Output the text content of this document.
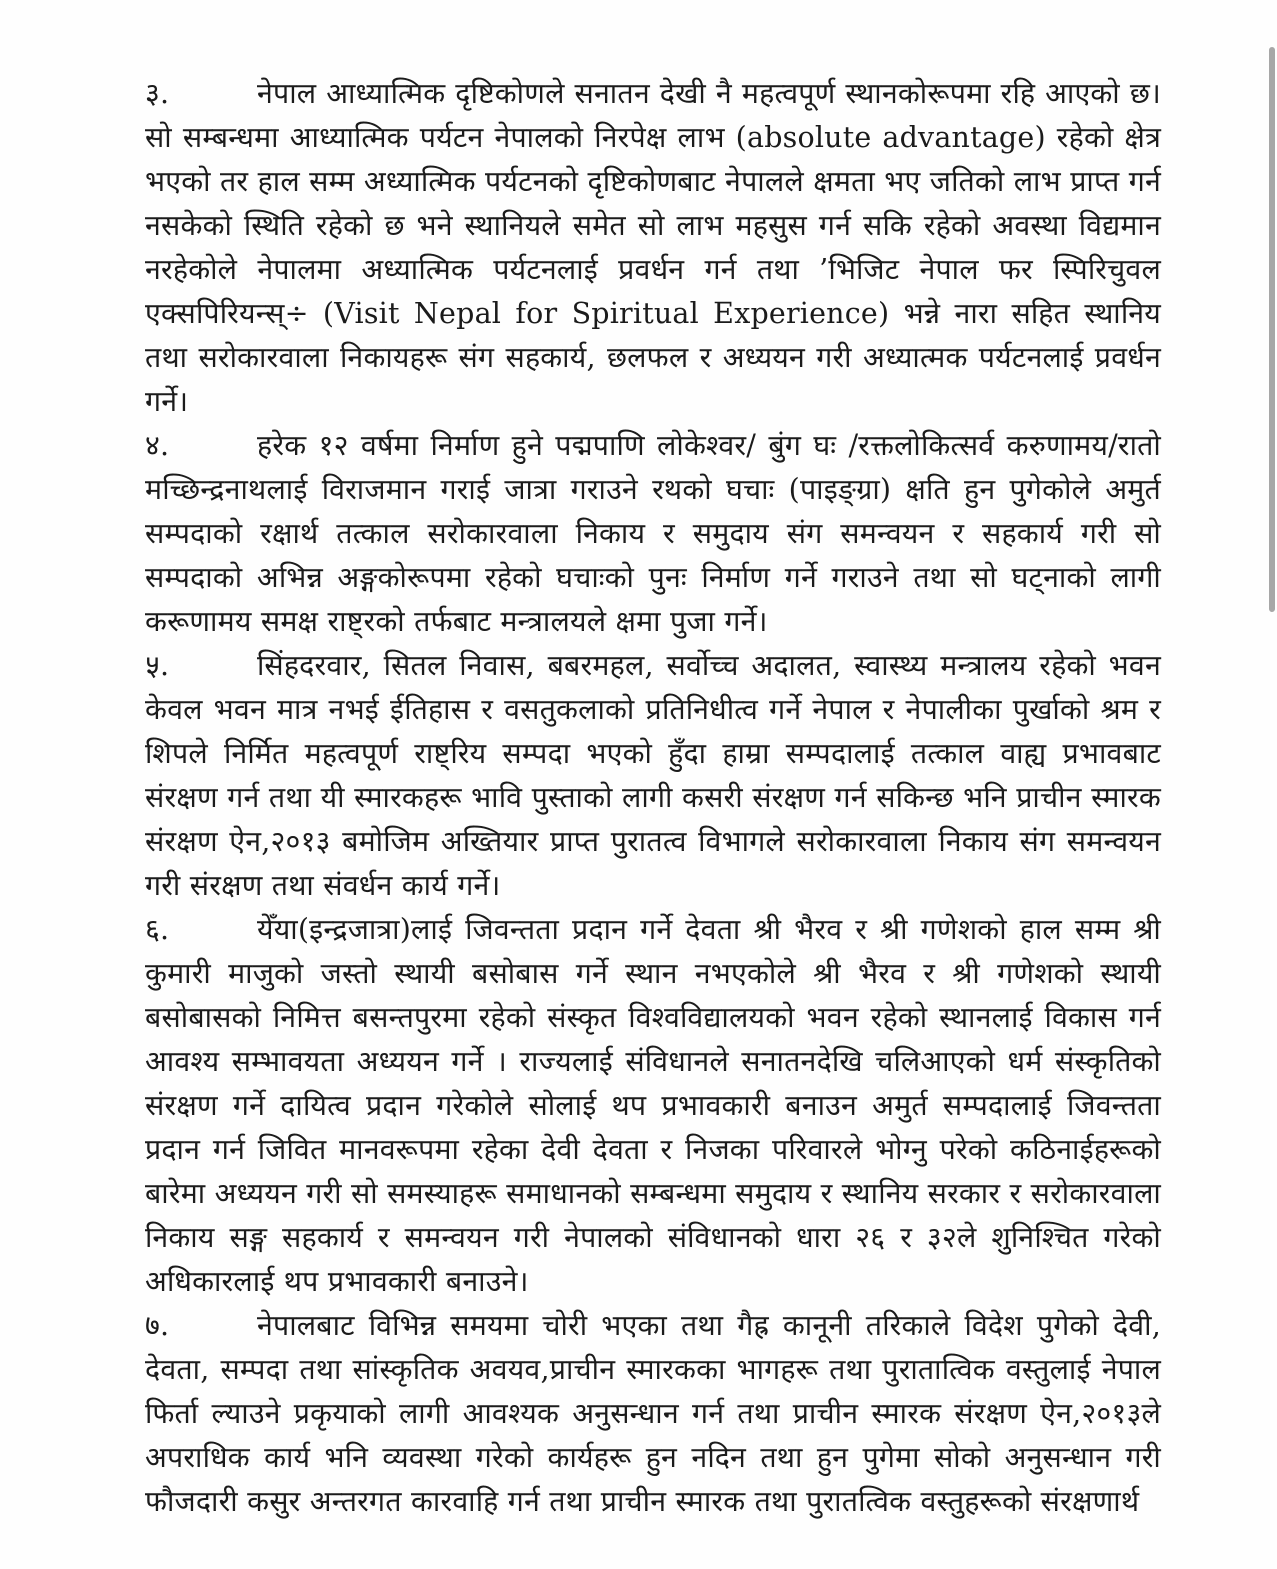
३.	नेपाल आध्यात्मिक दृष्टिकोणले सनातन देखी नै महत्वपूर्ण स्थानकोरूपमा रहि आएको छ। सो सम्बन्धमा आध्यात्मिक पर्यटन नेपालको निरपेक्ष लाभ (absolute advantage) रहेको क्षेत्र भएको तर हाल सम्म अध्यात्मिक पर्यटनको दृष्टिकोणबाट नेपालले क्षमता भए जतिको लाभ प्राप्त गर्न नसकेको स्थिति रहेको छ भने स्थानियले समेत सो लाभ महसुस गर्न सकि रहेको अवस्था विद्यमान नरहेकोले नेपालमा अध्यात्मिक पर्यटनलाई प्रवर्धन गर्न तथा ’भिजिट नेपाल फर स्पिरिचुवल एक्सपिरियन्स्÷ (Visit Nepal for Spiritual Experience) भन्ने नारा सहित स्थानिय तथा सरोकारवाला निकायहरू संग सहकार्य, छलफल र अध्ययन गरी अध्यात्मक पर्यटनलाई प्रवर्धन गर्ने।

४.	हरेक १२ वर्षमा निर्माण हुने पद्मपाणि लोकेश्वर/ बुंग घः /रक्तलोकित्सर्व करुणामय/रातो मच्छिन्द्रनाथलाई विराजमान गराई जात्रा गराउने रथको घचाः (पाइङ्ग्रा) क्षति हुन पुगेकोले अमुर्त सम्पदाको रक्षार्थ तत्काल सरोकारवाला निकाय र समुदाय संग समन्वयन र सहकार्य गरी सो सम्पदाको अभिन्न अङ्गकोरूपमा रहेको घचाःको पुनः निर्माण गर्ने गराउने तथा सो घट्नाको लागी करूणामय समक्ष राष्ट्रको तर्फबाट मन्त्रालयले क्षमा पुजा गर्ने।

५.	सिंहदरवार, सितल निवास, बबरमहल, सर्वोच्च अदालत, स्वास्थ्य मन्त्रालय रहेको भवन केवल भवन मात्र नभई ईतिहास र वसतुकलाको प्रतिनिधीत्व गर्ने नेपाल र नेपालीका पुर्खाको श्रम र शिपले निर्मित महत्वपूर्ण राष्ट्रिय सम्पदा भएको हुँदा हाम्रा सम्पदालाई तत्काल वाह्य प्रभावबाट संरक्षण गर्न तथा यी स्मारकहरू भावि पुस्ताको लागी कसरी संरक्षण गर्न सकिन्छ भनि प्राचीन स्मारक संरक्षण ऐन,२०१३ बमोजिम अख्तियार प्राप्त पुरातत्व विभागले सरोकारवाला निकाय संग समन्वयन गरी संरक्षण तथा संवर्धन कार्य गर्ने।

६.	येँया(इन्द्रजात्रा)लाई जिवन्तता प्रदान गर्ने देवता श्री भैरव र श्री गणेशको हाल सम्म श्री कुमारी माजुको जस्तो स्थायी बसोबास गर्ने स्थान नभएकोले श्री भैरव र श्री गणेशको स्थायी बसोबासको निमित्त बसन्तपुरमा रहेको संस्कृत विश्वविद्यालयको भवन रहेको स्थानलाई विकास गर्न आवश्य सम्भावयता अध्ययन गर्ने । राज्यलाई संविधानले सनातनदेखि चलिआएको धर्म संस्कृतिको संरक्षण गर्ने दायित्व प्रदान गरेकोले सोलाई थप प्रभावकारी बनाउन अमुर्त सम्पदालाई जिवन्तता प्रदान गर्न जिवित मानवरूपमा रहेका देवी देवता र निजका परिवारले भोग्नु परेको कठिनाईहरूको बारेमा अध्ययन गरी सो समस्याहरू समाधानको सम्बन्धमा समुदाय र स्थानिय सरकार र सरोकारवाला निकाय सङ्ग सहकार्य र समन्वयन गरी नेपालको संविधानको धारा २६ र ३२ले शुनिश्चित गरेको अधिकारलाई थप प्रभावकारी बनाउने।

७.	नेपालबाट विभिन्न समयमा चोरी भएका तथा गैह्र कानूनी तरिकाले विदेश पुगेको देवी, देवता, सम्पदा तथा सांस्कृतिक अवयव,प्राचीन स्मारकका भागहरू तथा पुरातात्विक वस्तुलाई नेपाल फिर्ता ल्याउने प्रकृयाको लागी आवश्यक अनुसन्धान गर्न तथा प्राचीन स्मारक संरक्षण ऐन,२०१३ले अपराधिक कार्य भनि व्यवस्था गरेको कार्यहरू हुन नदिन तथा हुन पुगेमा सोको अनुसन्धान गरी फौजदारी कसुर अन्तरगत कारवाहि गर्न तथा प्राचीन स्मारक तथा पुरातत्विक वस्तुहरूको संरक्षणार्थ
